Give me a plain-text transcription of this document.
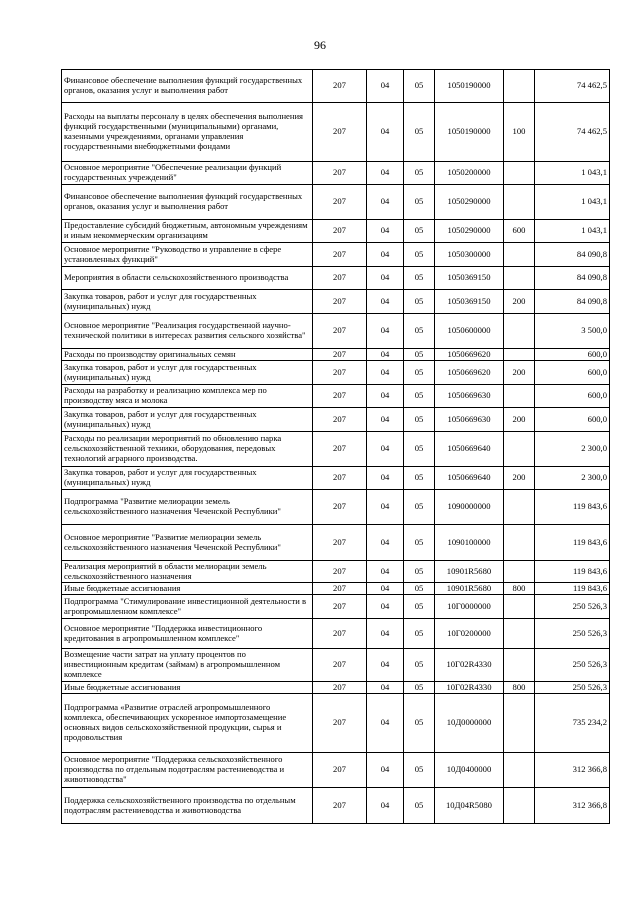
96
Финансовое обеспечение выполнения функций государственных органов, оказания услуг и выполнения работ	207	04	05	1050190000		74 462,5
Расходы на выплаты персоналу в целях обеспечения выполнения функций государственными (муниципальными) органами, казенными учреждениями, органами управления государственными внебюджетными фондами	207	04	05	1050190000	100	74 462,5
Основное мероприятие "Обеспечение реализации функций государственных учреждений"	207	04	05	1050200000		1 043,1
Финансовое обеспечение выполнения функций государственных органов, оказания услуг и выполнения работ	207	04	05	1050290000		1 043,1
Предоставление субсидий бюджетным, автономным учреждениям и иным некоммерческим организациям	207	04	05	1050290000	600	1 043,1
Основное мероприятие "Руководство и управление в сфере установленных функций"	207	04	05	1050300000		84 090,8
Мероприятия в области сельскохозяйственного производства	207	04	05	1050369150		84 090,8
Закупка товаров, работ и услуг для государственных (муниципальных) нужд	207	04	05	1050369150	200	84 090,8
Основное мероприятие "Реализация государственной научно-технической политики в интересах развития сельского хозяйства"	207	04	05	1050600000		3 500,0
Расходы по производству оригинальных семян	207	04	05	1050669620		600,0
Закупка товаров, работ и услуг для государственных (муниципальных) нужд	207	04	05	1050669620	200	600,0
Расходы на разработку и реализацию комплекса мер по производству мяса и молока	207	04	05	1050669630		600,0
Закупка товаров, работ и услуг для государственных (муниципальных) нужд	207	04	05	1050669630	200	600,0
Расходы по реализации мероприятий по обновлению парка сельскохозяйственной техники, оборудования, передовых технологий аграрного производства.	207	04	05	1050669640		2 300,0
Закупка товаров, работ и услуг для государственных (муниципальных) нужд	207	04	05	1050669640	200	2 300,0
Подпрограмма "Развитие мелиорации земель сельскохозяйственного назначения Чеченской Республики"	207	04	05	1090000000		119 843,6
Основное мероприятие "Развитие мелиорации земель сельскохозяйственного назначения Чеченской Республики"	207	04	05	1090100000		119 843,6
Реализация мероприятий в области мелиорации земель сельскохозяйственного назначения	207	04	05	10901R5680		119 843,6
Иные бюджетные ассигнования	207	04	05	10901R5680	800	119 843,6
Подпрограмма "Стимулирование инвестиционной деятельности в агропромышленном комплексе"	207	04	05	10Г0000000		250 526,3
Основное мероприятие "Поддержка инвестиционного кредитования в агропромышленном комплексе"	207	04	05	10Г0200000		250 526,3
Возмещение части затрат на уплату процентов по инвестиционным кредитам (займам) в агропромышленном комплексе	207	04	05	10Г02R4330		250 526,3
Иные бюджетные ассигнования	207	04	05	10Г02R4330	800	250 526,3
Подпрограмма «Развитие отраслей агропромышленного комплекса, обеспечивающих ускоренное импортозамещение основных видов сельскохозяйственной продукции, сырья и продовольствия	207	04	05	10Д0000000		735 234,2
Основное мероприятие "Поддержка сельскохозяйственного производства по отдельным подотраслям растениеводства и животноводства"	207	04	05	10Д0400000		312 366,8
Поддержка сельскохозяйственного производства по отдельным подотраслям растениеводства и животноводства	207	04	05	10Д04R5080		312 366,8
